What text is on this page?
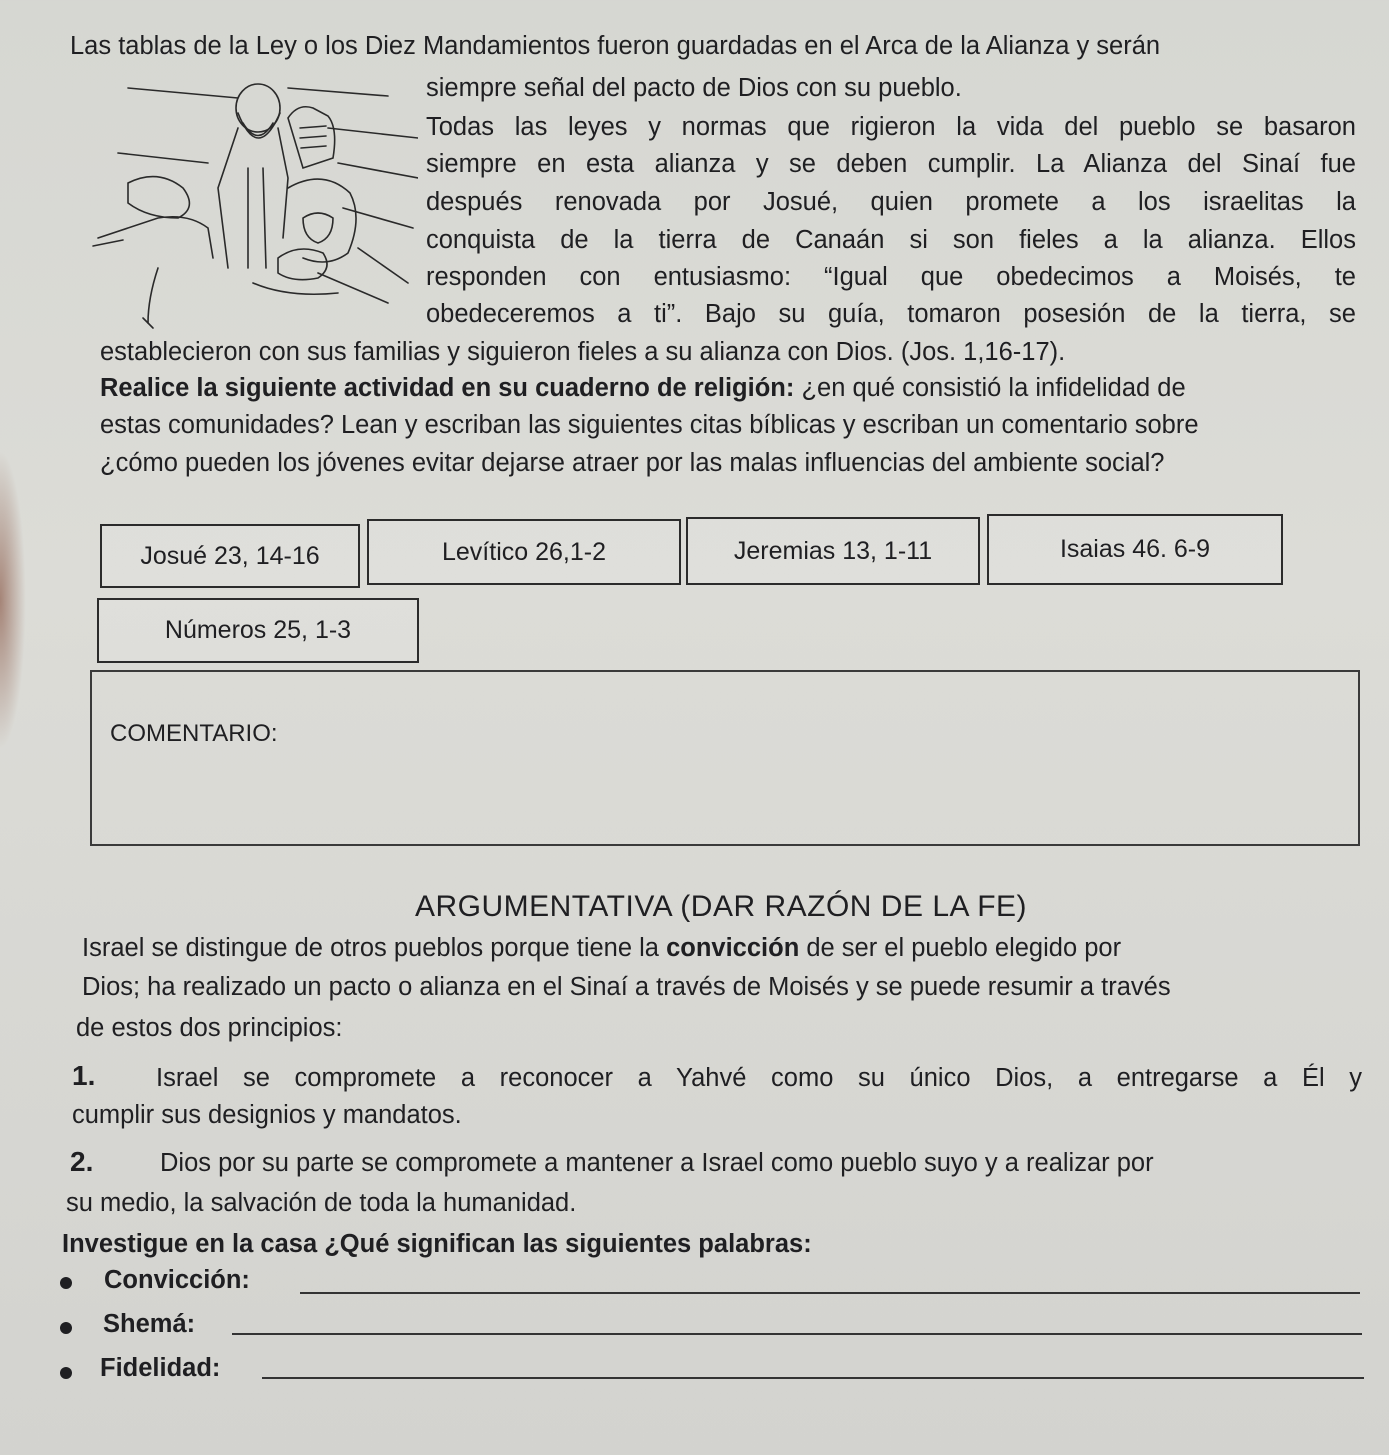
Las tablas de la Ley o los Diez Mandamientos fueron guardadas en el Arca de la Alianza y serán
siempre señal del pacto de Dios con su pueblo.
Todas las leyes y normas que rigieron la vida del pueblo se basaron
siempre en esta alianza y se deben cumplir. La Alianza del Sinaí fue
después renovada por Josué, quien promete a los israelitas la
conquista de la tierra de Canaán si son fieles a la alianza. Ellos
responden con entusiasmo: “Igual que obedecimos a Moisés, te
obedeceremos a ti”. Bajo su guía, tomaron posesión de la tierra, se
establecieron con sus familias y siguieron fieles a su alianza con Dios. (Jos. 1,16-17).
Realice la siguiente actividad en su cuaderno de religión: ¿en qué consistió la infidelidad de
estas comunidades? Lean y escriban las siguientes citas bíblicas y escriban un comentario sobre
¿cómo pueden los jóvenes evitar dejarse atraer por las malas influencias del ambiente social?
Josué 23, 14-16	Levítico 26,1-2	Jeremias 13, 1-11	Isaias 46. 6-9
Números 25, 1-3
COMENTARIO:
ARGUMENTATIVA (DAR RAZÓN DE LA FE)
Israel se distingue de otros pueblos porque tiene la convicción de ser el pueblo elegido por
Dios; ha realizado un pacto o alianza en el Sinaí a través de Moisés y se puede resumir a través
de estos dos principios:
1. Israel se compromete a reconocer a Yahvé como su único Dios, a entregarse a Él y
cumplir sus designios y mandatos.
2.	Dios por su parte se compromete a mantener a Israel como pueblo suyo y a realizar por
su medio, la salvación de toda la humanidad.
Investigue en la casa ¿Qué significan las siguientes palabras:
Convicción:
Shemá:
Fidelidad:
